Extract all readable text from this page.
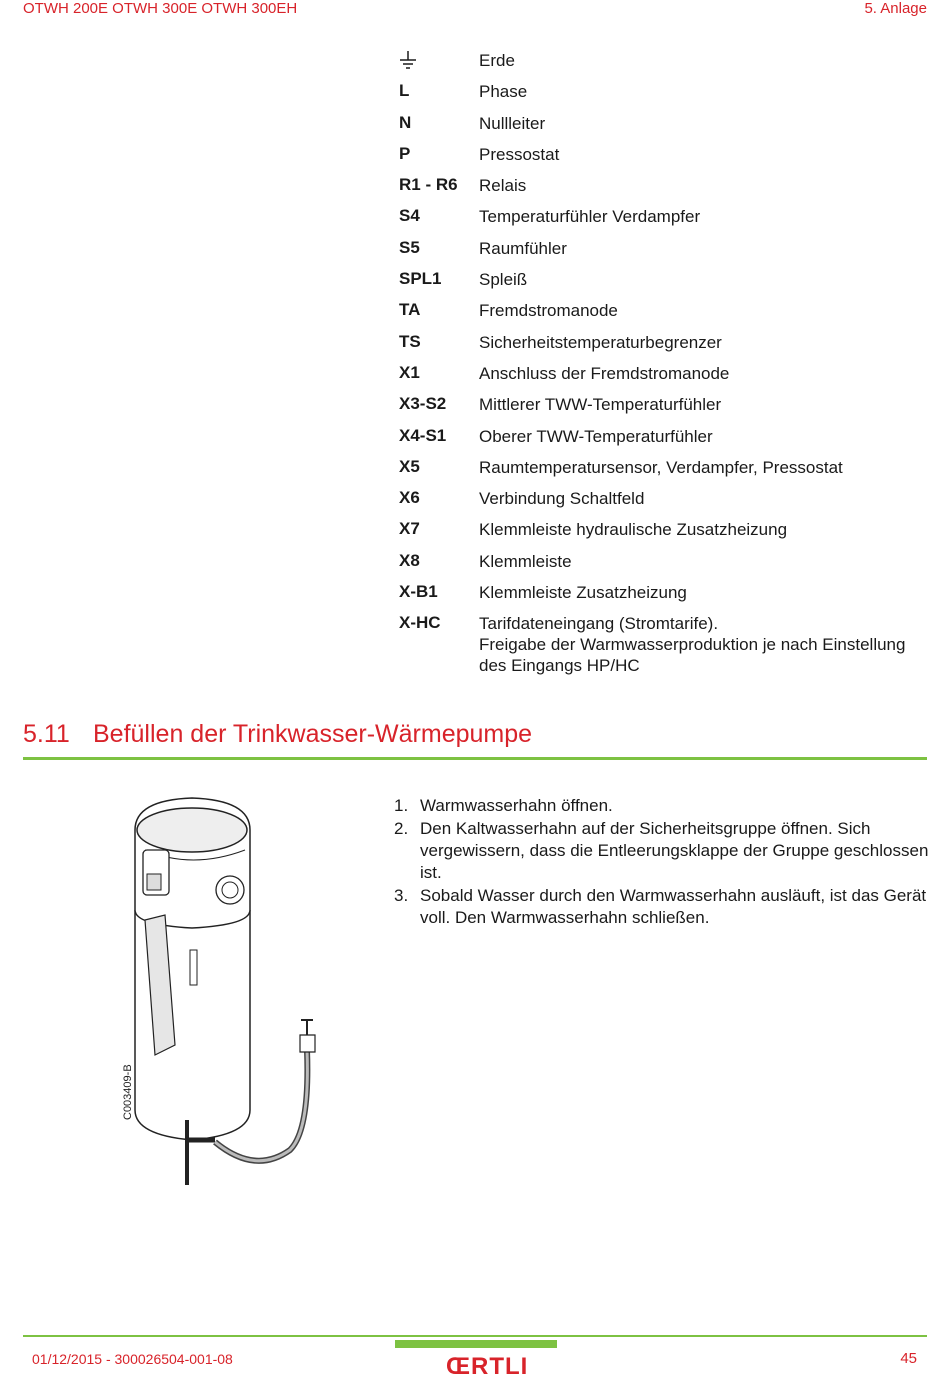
OTWH 200E OTWH 300E OTWH 300EH	5. Anlage
Erde
L	Phase
N	Nullleiter
P	Pressostat
R1 - R6 Relais
S4	Temperaturfühler Verdampfer
S5	Raumfühler
SPL1 Spleiß
TA	Fremdstromanode
TS	Sicherheitstemperaturbegrenzer
X1	Anschluss der Fremdstromanode
X3-S2 Mittlerer TWW-Temperaturfühler
X4-S1 Oberer TWW-Temperaturfühler
X5	Raumtemperatursensor, Verdampfer, Pressostat
X6	Verbindung Schaltfeld
X7	Klemmleiste hydraulische Zusatzheizung
X8	Klemmleiste
X-B1 Klemmleiste Zusatzheizung
X-HC Tarifdateneingang (Stromtarife).
Freigabe der Warmwasserproduktion je nach Einstellung
des Eingangs HP/HC
5.11 Befüllen der Trinkwasser-Wärmepumpe
C003409-B
1. Warmwasserhahn öffnen.
2. Den Kaltwasserhahn auf der Sicherheitsgruppe öffnen. Sich vergewissern, dass die Entleerungsklappe der Gruppe geschlossen ist.
3. Sobald Wasser durch den Warmwasserhahn ausläuft, ist das Gerät voll. Den Warmwasserhahn schließen.
01/12/2015 - 300026504-001-08	ŒRTLI	45
